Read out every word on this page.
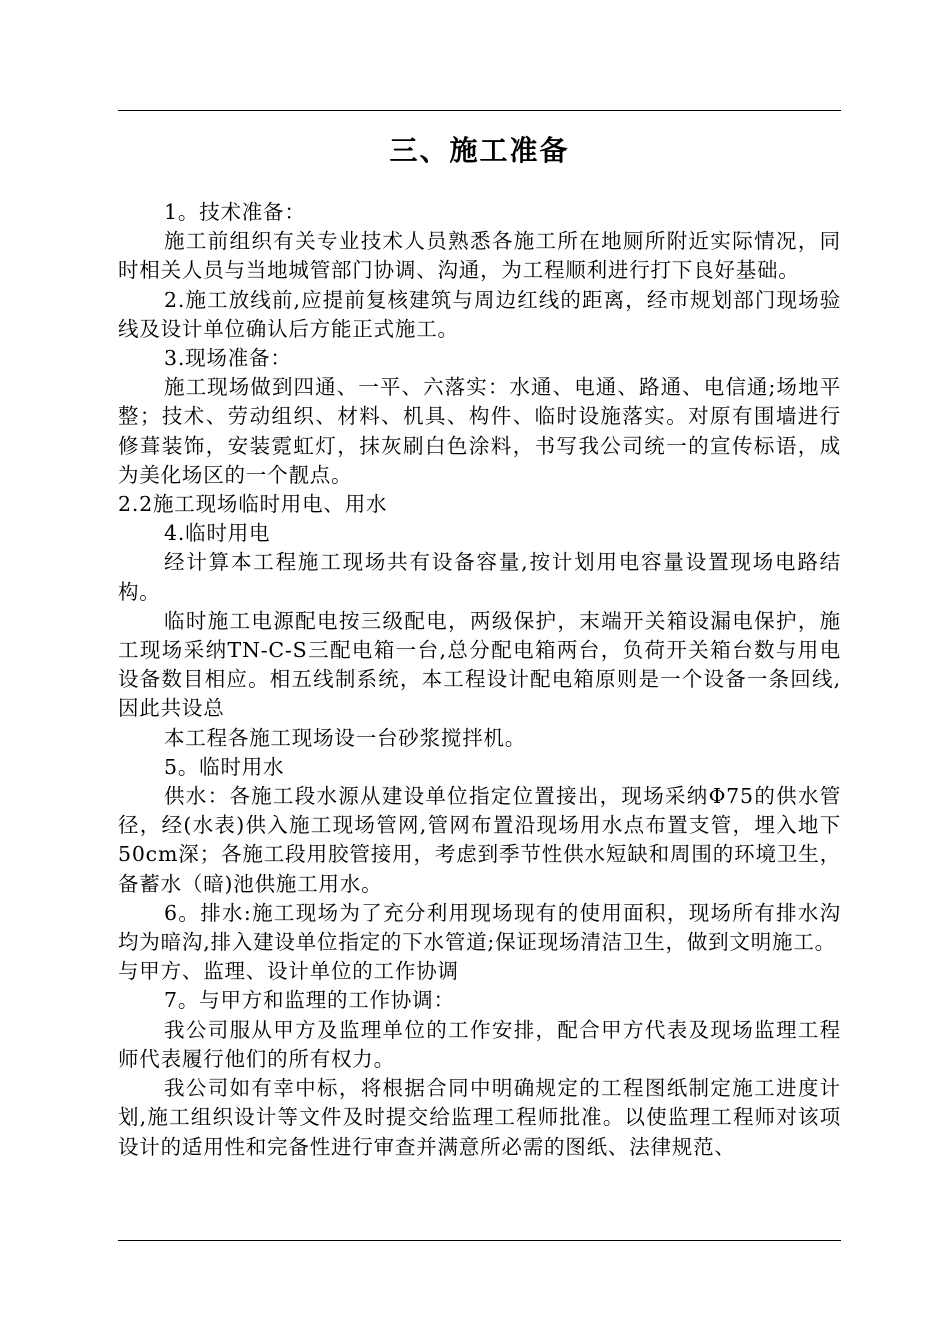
三、施工准备

1。技术准备：

施工前组织有关专业技术人员熟悉各施工所在地厕所附近实际情况，同时相关人员与当地城管部门协调、沟通，为工程顺利进行打下良好基础。

2.施工放线前,应提前复核建筑与周边红线的距离，经市规划部门现场验线及设计单位确认后方能正式施工。

3.现场准备：

施工现场做到四通、一平、六落实：水通、电通、路通、电信通;场地平整；技术、劳动组织、材料、机具、构件、临时设施落实。对原有围墙进行修葺装饰，安装霓虹灯，抹灰刷白色涂料，书写我公司统一的宣传标语，成为美化场区的一个靓点。

2.2施工现场临时用电、用水

4.临时用电

经计算本工程施工现场共有设备容量,按计划用电容量设置现场电路结构。

临时施工电源配电按三级配电，两级保护，末端开关箱设漏电保护，施工现场采纳TN-C-S三配电箱一台,总分配电箱两台，负荷开关箱台数与用电设备数目相应。相五线制系统，本工程设计配电箱原则是一个设备一条回线,因此共设总

本工程各施工现场设一台砂浆搅拌机。

5。临时用水

供水：各施工段水源从建设单位指定位置接出，现场采纳Φ75的供水管径，经(水表)供入施工现场管网,管网布置沿现场用水点布置支管，埋入地下50cm深；各施工段用胶管接用，考虑到季节性供水短缺和周围的环境卫生，备蓄水（暗)池供施工用水。

6。排水:施工现场为了充分利用现场现有的使用面积，现场所有排水沟均为暗沟,排入建设单位指定的下水管道;保证现场清洁卫生，做到文明施工。

与甲方、监理、设计单位的工作协调

7。与甲方和监理的工作协调：

我公司服从甲方及监理单位的工作安排，配合甲方代表及现场监理工程师代表履行他们的所有权力。

我公司如有幸中标，将根据合同中明确规定的工程图纸制定施工进度计划,施工组织设计等文件及时提交给监理工程师批准。以使监理工程师对该项设计的适用性和完备性进行审查并满意所必需的图纸、法律规范、
